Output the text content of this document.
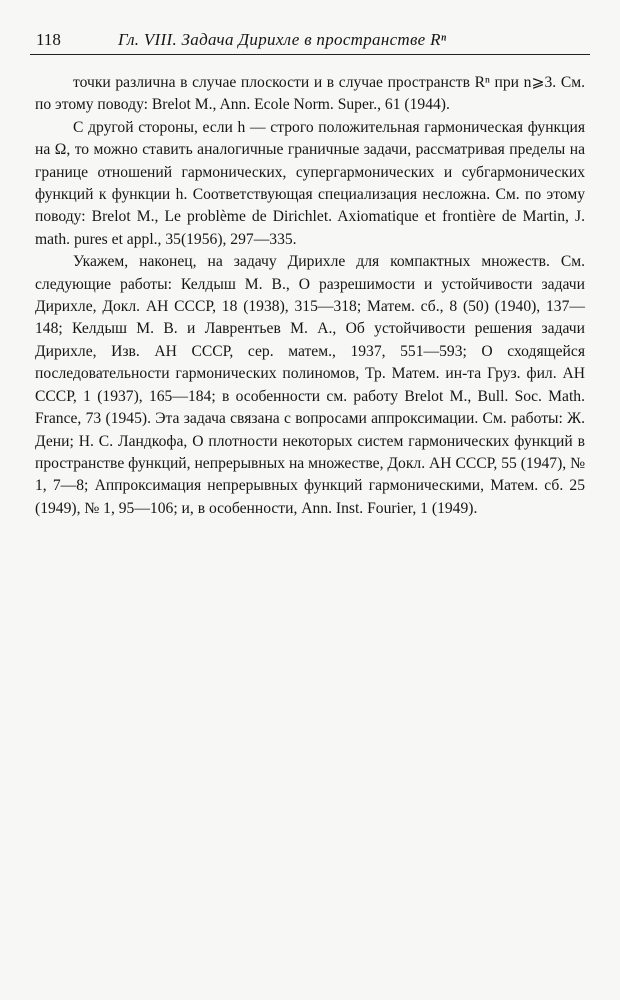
118	Гл. VIII. Задача Дирихле в пространстве Rⁿ

точки различна в случае плоскости и в случае пространств Rⁿ при n⩾3. См. по этому поводу: Brelot M., Ann. Ecole Norm. Super., 61 (1944).

С другой стороны, если h — строго положительная гармоническая функция на Ω, то можно ставить аналогичные граничные задачи, рассматривая пределы на границе отношений гармонических, супергармонических и субгармонических функций к функции h. Соответствующая специализация несложна. См. по этому поводу: Brelot M., Le problème de Dirichlet. Axiomatique et frontière de Martin, J. math. pures et appl., 35(1956), 297—335.

Укажем, наконец, на задачу Дирихле для компактных множеств. См. следующие работы: Келдыш М. В., О разрешимости и устойчивости задачи Дирихле, Докл. АН СССР, 18 (1938), 315—318; Матем. сб., 8 (50) (1940), 137—148; Келдыш М. В. и Лаврентьев М. А., Об устойчивости решения задачи Дирихле, Изв. АН СССР, сер. матем., 1937, 551—593; О сходящейся последовательности гармонических полиномов, Тр. Матем. ин-та Груз. фил. АН СССР, 1 (1937), 165—184; в особенности см. работу Brelot M., Bull. Soc. Math. France, 73 (1945). Эта задача связана с вопросами аппроксимации. См. работы: Ж. Дени; Н. С. Ландкофа, О плотности некоторых систем гармонических функций в пространстве функций, непрерывных на множестве, Докл. АН СССР, 55 (1947), № 1, 7—8; Аппроксимация непрерывных функций гармоническими, Матем. сб. 25 (1949), № 1, 95—106; и, в особенности, Ann. Inst. Fourier, 1 (1949).
